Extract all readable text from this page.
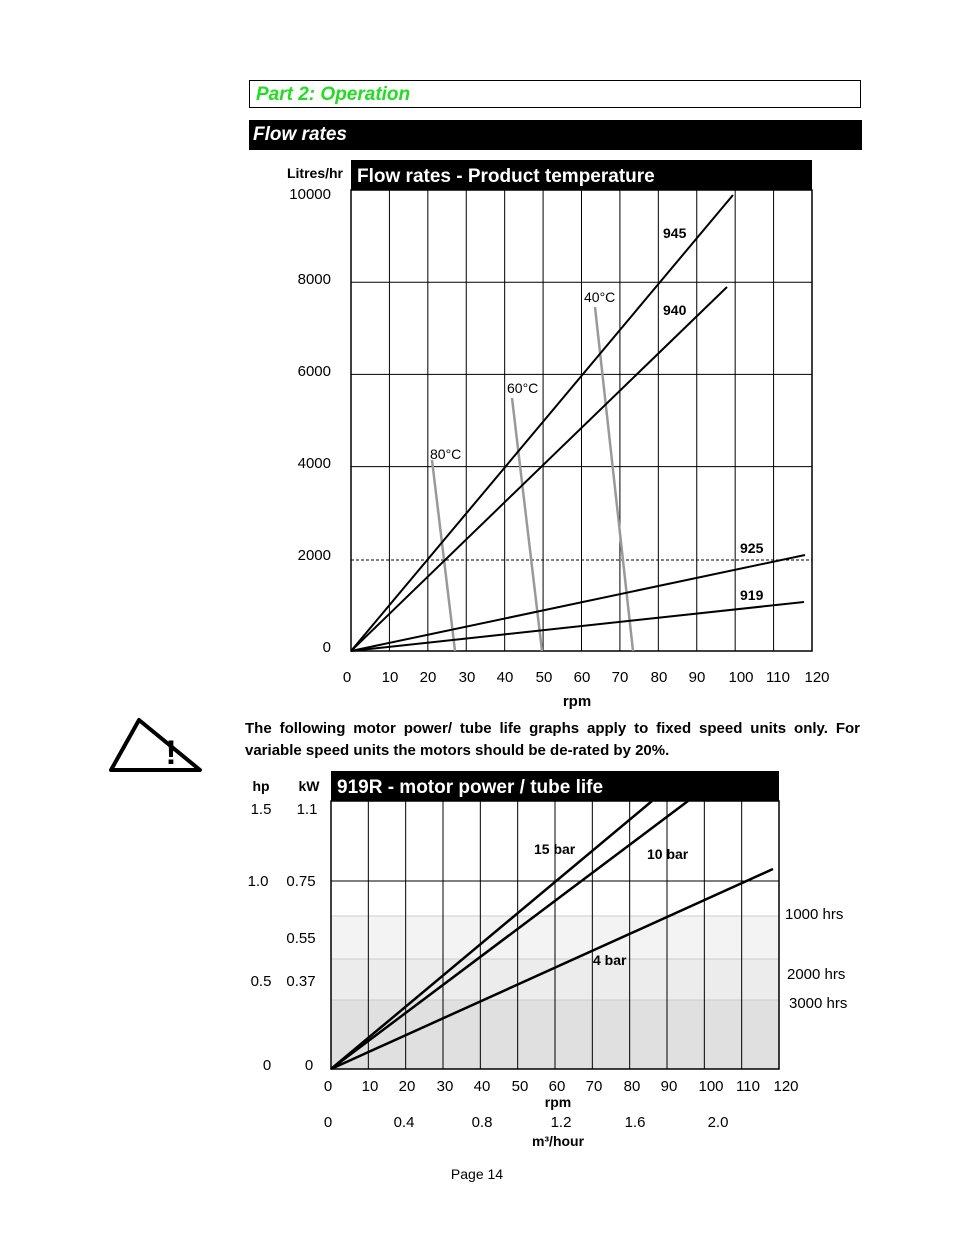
Part 2: Operation
Flow rates
Flow rates - Product temperature
Litres/hr
0
2000
4000
6000
8000
10000
0 10 20 30 40 50 60 70 80 90 100 110 120
rpm
945
940
925
919
80°C
60°C
40°C
!
The following motor power/ tube life graphs apply to fixed speed units only. For variable speed units the motors should be de-rated by 20%.
919R - motor power / tube life
hp kW
1.5
1.0
0.5
0
1.1
0.75
0.55
0.37
0
15 bar	10 bar
4 bar
1000 hrs
2000 hrs
3000 hrs
0 10 20 30 40 50 60 70 80 90 100 110 120
rpm
0	0.4	0.8	1.2	1.6	2.0
m³/hour
Page 14
